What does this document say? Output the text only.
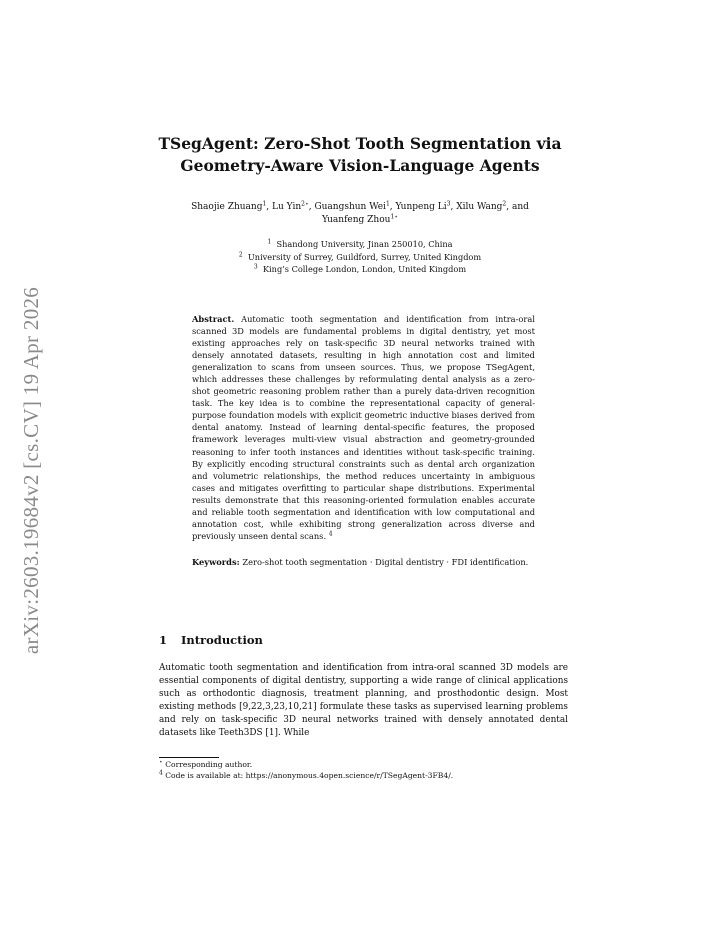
arXiv:2603.19684v2 [cs.CV] 19 Apr 2026
TSegAgent: Zero-Shot Tooth Segmentation via
Geometry-Aware Vision-Language Agents
Shaojie Zhuang$^1$, Lu Yin$^{2⋆}$, Guangshun Wei$^1$, Yunpeng Li$^3$, Xilu Wang$^2$, and
Yuanfeng Zhou$^{1⋆}$
$^1$ Shandong University, Jinan 250010, China
$^2$ University of Surrey, Guildford, Surrey, United Kingdom
$^3$ King’s College London, London, United Kingdom

Abstract. Automatic tooth segmentation and identification from intra-oral scanned 3D models are fundamental problems in digital dentistry, yet most existing approaches rely on task-specific 3D neural networks trained with densely annotated datasets, resulting in high annotation cost and limited generalization to scans from unseen sources. Thus, we propose TSegAgent, which addresses these challenges by reformulating dental analysis as a zero-shot geometric reasoning problem rather than a purely data-driven recognition task. The key idea is to combine the representational capacity of general-purpose foundation models with explicit geometric inductive biases derived from dental anatomy. Instead of learning dental-specific features, the proposed framework leverages multi-view visual abstraction and geometry-grounded reasoning to infer tooth instances and identities without task-specific training. By explicitly encoding structural constraints such as dental arch organization and volumetric relationships, the method reduces uncertainty in ambiguous cases and mitigates overfitting to particular shape distributions. Experimental results demonstrate that this reasoning-oriented formulation enables accurate and reliable tooth segmentation and identification with low computational and annotation cost, while exhibiting strong generalization across diverse and previously unseen dental scans. $^4$

Keywords: Zero-shot tooth segmentation · Digital dentistry · FDI identification.

1 Introduction

Automatic tooth segmentation and identification from intra-oral scanned 3D models are essential components of digital dentistry, supporting a wide range of clinical applications such as orthodontic diagnosis, treatment planning, and prosthodontic design. Most existing methods [9,22,3,23,10,21] formulate these tasks as supervised learning problems and rely on task-specific 3D neural networks trained with densely annotated dental datasets like Teeth3DS [1]. While

⋆ Corresponding author.
$^4$ Code is available at: https://anonymous.4open.science/r/TSegAgent-3FB4/.
